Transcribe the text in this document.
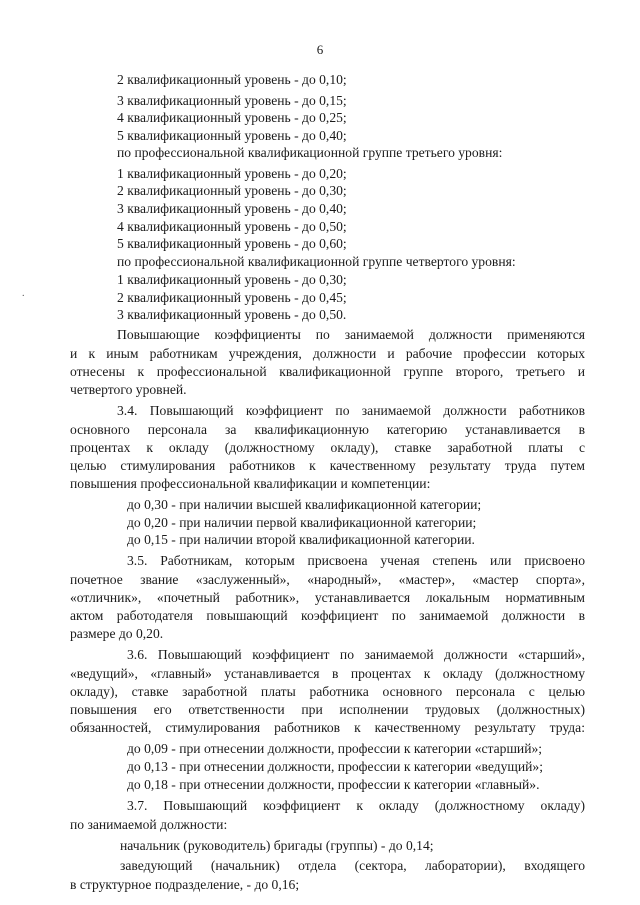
6
.
2 квалификационный уровень - до 0,10;
3 квалификационный уровень - до 0,15;
4 квалификационный уровень - до 0,25;
5 квалификационный уровень - до 0,40;
по профессиональной квалификационной группе третьего уровня:
1 квалификационный уровень - до 0,20;
2 квалификационный уровень - до 0,30;
3 квалификационный уровень - до 0,40;
4 квалификационный уровень - до 0,50;
5 квалификационный уровень - до 0,60;
по профессиональной квалификационной группе четвертого уровня:
1 квалификационный уровень - до 0,30;
2 квалификационный уровень - до 0,45;
3 квалификационный уровень - до 0,50.
Повышающие коэффициенты по занимаемой должности применяются
и к иным работникам учреждения, должности и рабочие профессии которых
отнесены к профессиональной квалификационной группе второго, третьего и
четвертого уровней.
3.4. Повышающий коэффициент по занимаемой должности работников
основного персонала за квалификационную категорию устанавливается в
процентах к окладу (должностному окладу), ставке заработной платы с
целью стимулирования работников к качественному результату труда путем
повышения профессиональной квалификации и компетенции:
до 0,30 - при наличии высшей квалификационной категории;
до 0,20 - при наличии первой квалификационной категории;
до 0,15 - при наличии второй квалификационной категории.
3.5. Работникам, которым присвоена ученая степень или присвоено
почетное звание «заслуженный», «народный», «мастер», «мастер спорта»,
«отличник», «почетный работник», устанавливается локальным нормативным
актом работодателя повышающий коэффициент по занимаемой должности в
размере до 0,20.
3.6. Повышающий коэффициент по занимаемой должности «старший»,
«ведущий», «главный» устанавливается в процентах к окладу (должностному
окладу), ставке заработной платы работника основного персонала с целью
повышения его ответственности при исполнении трудовых (должностных)
обязанностей, стимулирования работников к качественному результату труда:
до 0,09 - при отнесении должности, профессии к категории «старший»;
до 0,13 - при отнесении должности, профессии к категории «ведущий»;
до 0,18 - при отнесении должности, профессии к категории «главный».
3.7. Повышающий коэффициент к окладу (должностному окладу)
по занимаемой должности:
начальник (руководитель) бригады (группы) - до 0,14;
заведующий (начальник) отдела (сектора, лаборатории), входящего
в структурное подразделение, - до 0,16;
